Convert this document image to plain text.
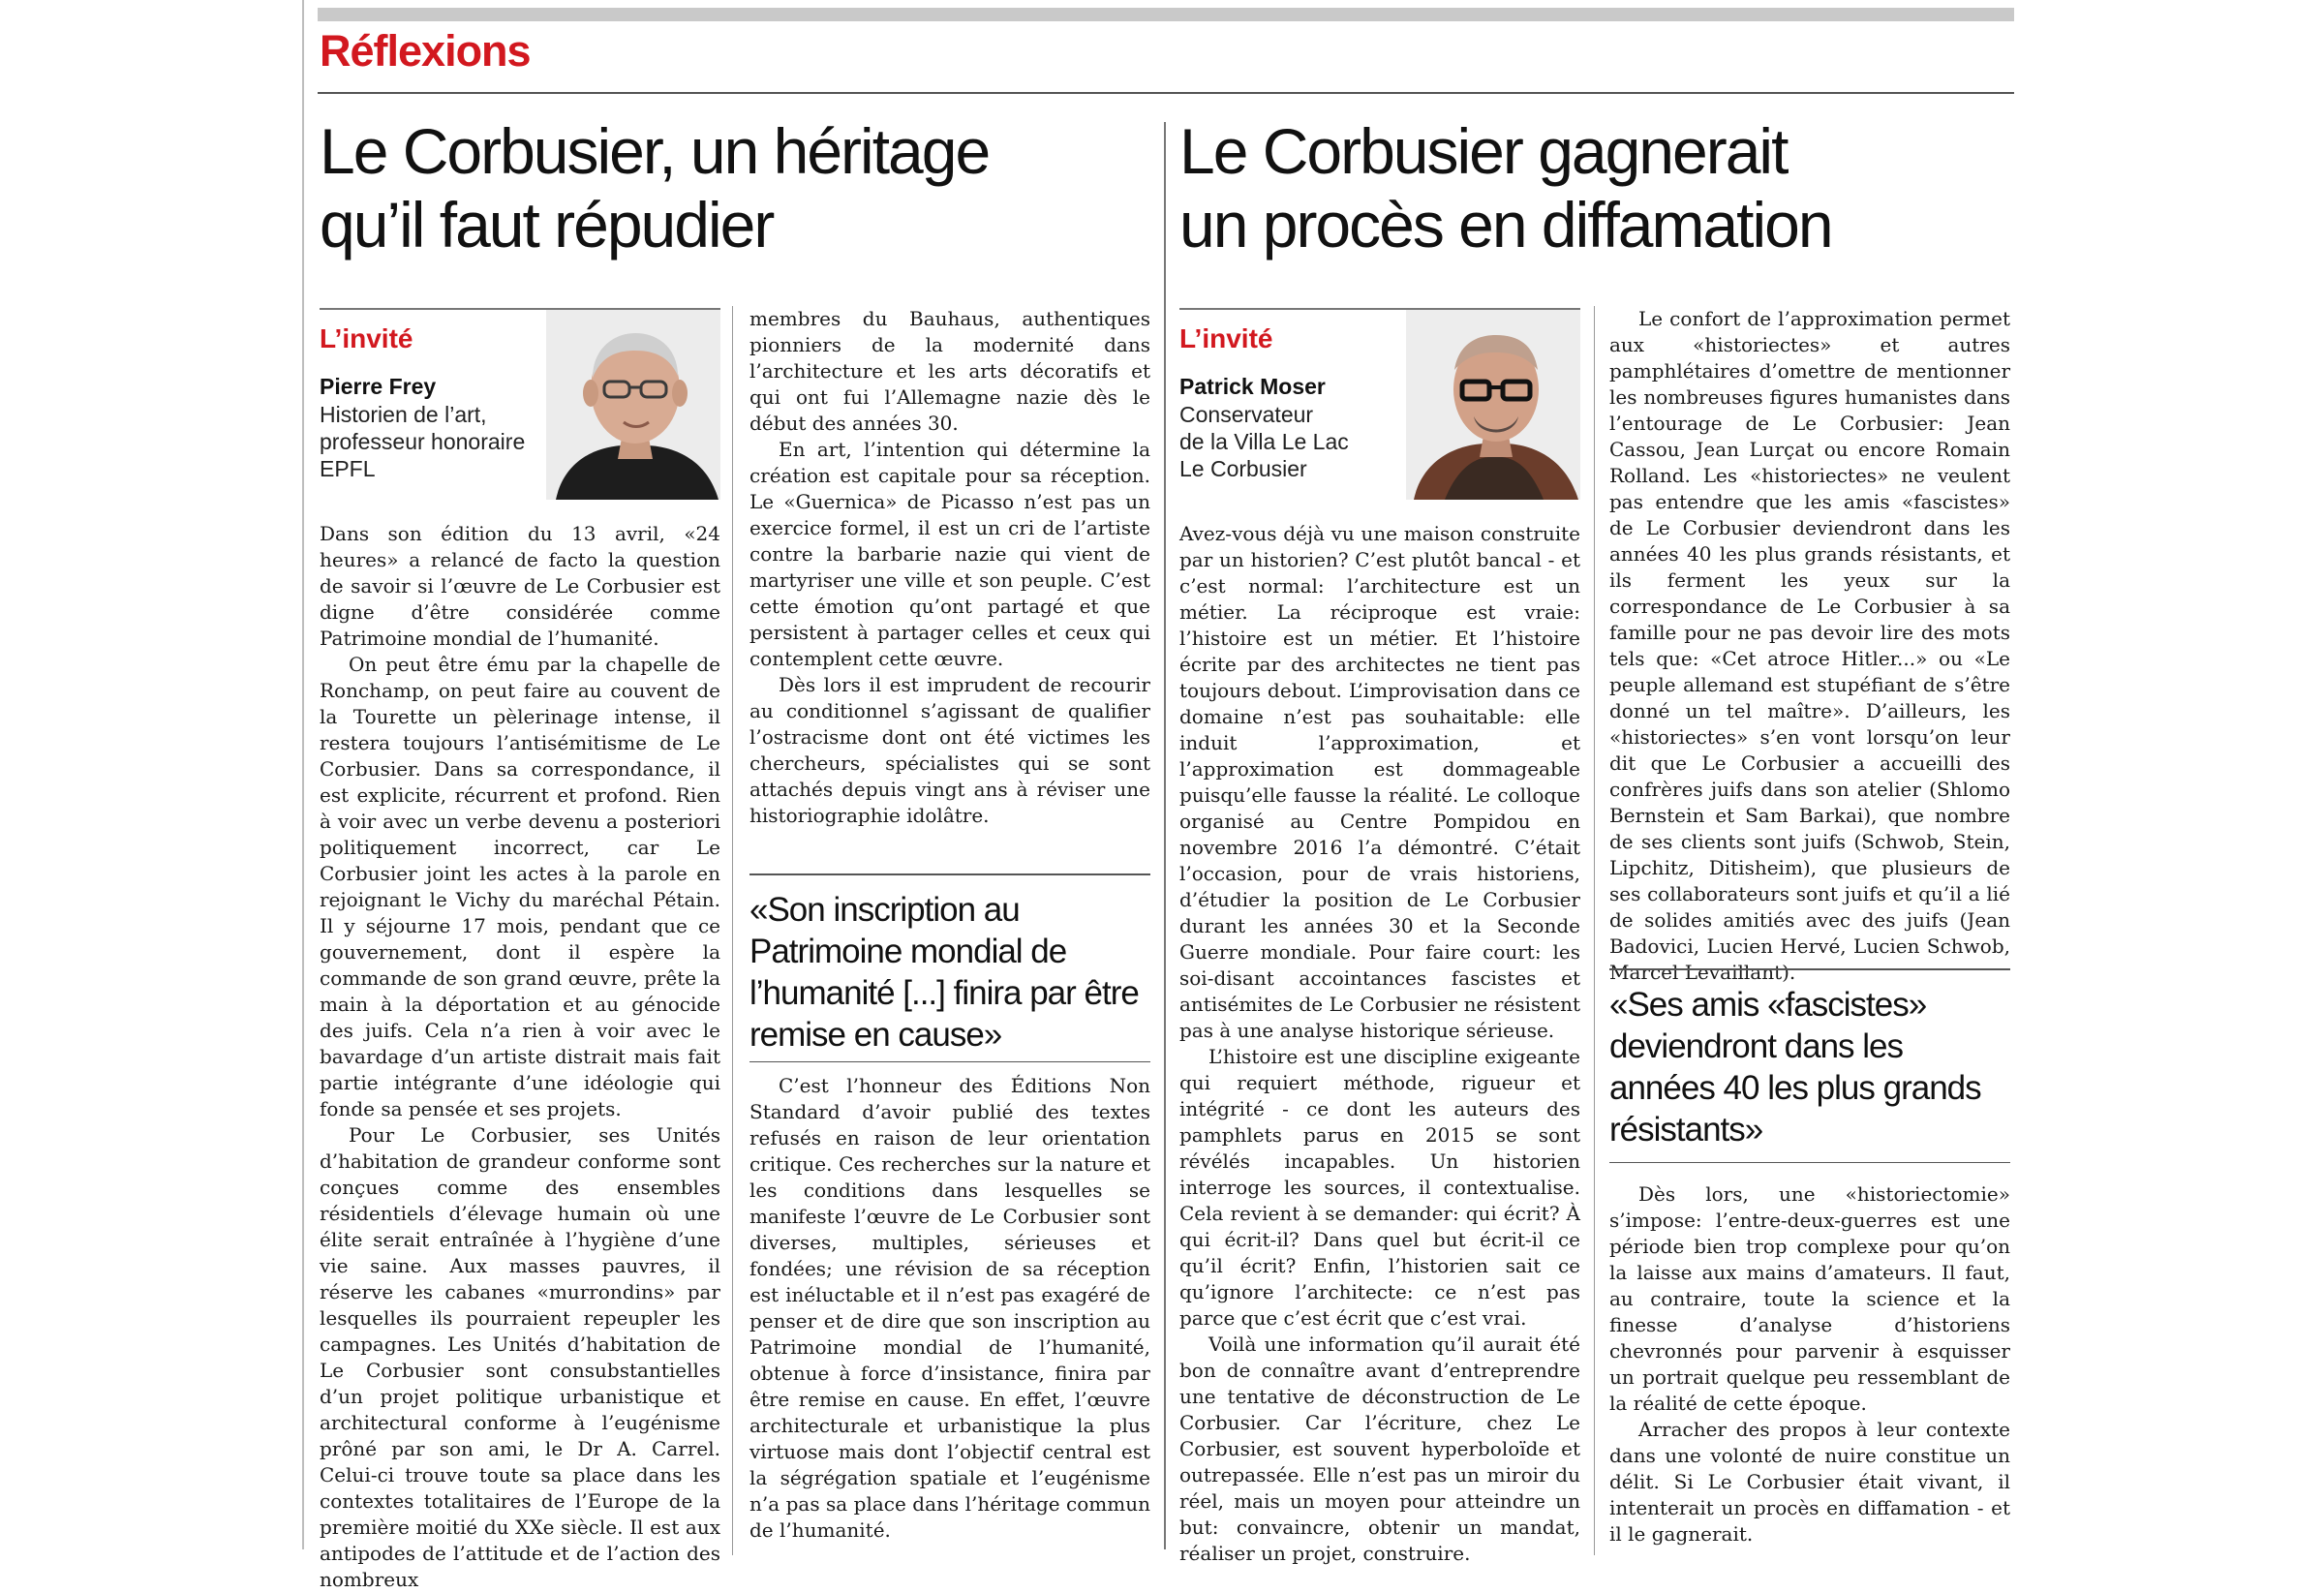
Réflexions
Le Corbusier, un héritage
qu’il faut répudier
L’invité
Pierre Frey
Historien de l’art,
professeur honoraire
EPFL

Dans son édition du 13 avril, «24 heures» a relancé de facto la question de savoir si l’œuvre de Le Corbusier est digne d’être considérée comme Patrimoine mondial de l’humanité.

On peut être ému par la chapelle de Ronchamp, on peut faire au couvent de la Tourette un pèlerinage intense, il restera toujours l’antisémitisme de Le Corbusier. Dans sa correspondance, il est explicite, récurrent et profond. Rien à voir avec un verbe devenu a posteriori politiquement incorrect, car Le Corbusier joint les actes à la parole en rejoignant le Vichy du maréchal Pétain. Il y séjourne 17 mois, pendant que ce gouvernement, dont il espère la commande de son grand œuvre, prête la main à la déportation et au génocide des juifs. Cela n’a rien à voir avec le bavardage d’un artiste distrait mais fait partie intégrante d’une idéologie qui fonde sa pensée et ses projets.

Pour Le Corbusier, ses Unités d’habitation de grandeur conforme sont conçues comme des ensembles résidentiels d’élevage humain où une élite serait entraînée à l’hygiène d’une vie saine. Aux masses pauvres, il réserve les cabanes «murrondins» par lesquelles ils pourraient repeupler les campagnes. Les Unités d’habitation de Le Corbusier sont consubstantielles d’un projet politique urbanistique et architectural conforme à l’eugénisme prôné par son ami, le Dr A. Carrel. Celui-ci trouve toute sa place dans les contextes totalitaires de l’Europe de la première moitié du XXe siècle. Il est aux antipodes de l’attitude et de l’action des nombreux

membres du Bauhaus, authentiques pionniers de la modernité dans l’architecture et les arts décoratifs et qui ont fui l’Allemagne nazie dès le début des années 30.

En art, l’intention qui détermine la création est capitale pour sa réception. Le «Guernica» de Picasso n’est pas un exercice formel, il est un cri de l’artiste contre la barbarie nazie qui vient de martyriser une ville et son peuple. C’est cette émotion qu’ont partagé et que persistent à partager celles et ceux qui contemplent cette œuvre.

Dès lors il est imprudent de recourir au conditionnel s’agissant de qualifier l’ostracisme dont ont été victimes les chercheurs, spécialistes qui se sont attachés depuis vingt ans à réviser une historiographie idolâtre.

«Son inscription au Patrimoine mondial de l’humanité [...] finira par être remise en cause»

C’est l’honneur des Éditions Non Standard d’avoir publié des textes refusés en raison de leur orientation critique. Ces recherches sur la nature et les conditions dans lesquelles se manifeste l’œuvre de Le Corbusier sont diverses, multiples, sérieuses et fondées; une révision de sa réception est inéluctable et il n’est pas exagéré de penser et de dire que son inscription au Patrimoine mondial de l’humanité, obtenue à force d’insistance, finira par être remise en cause. En effet, l’œuvre architecturale et urbanistique la plus virtuose mais dont l’objectif central est la ségrégation spatiale et l’eugénisme n’a pas sa place dans l’héritage commun de l’humanité.

Le Corbusier gagnerait
un procès en diffamation
L’invité
Patrick Moser
Conservateur
de la Villa Le Lac
Le Corbusier

Avez-vous déjà vu une maison construite par un historien? C’est plutôt bancal - et c’est normal: l’architecture est un métier. La réciproque est vraie: l’histoire est un métier. Et l’histoire écrite par des architectes ne tient pas toujours debout. L’improvisation dans ce domaine n’est pas souhaitable: elle induit l’approximation, et l’approximation est dommageable puisqu’elle fausse la réalité. Le colloque organisé au Centre Pompidou en novembre 2016 l’a démontré. C’était l’occasion, pour de vrais historiens, d’étudier la position de Le Corbusier durant les années 30 et la Seconde Guerre mondiale. Pour faire court: les soi-disant accointances fascistes et antisémites de Le Corbusier ne résistent pas à une analyse historique sérieuse.

L’histoire est une discipline exigeante qui requiert méthode, rigueur et intégrité - ce dont les auteurs des pamphlets parus en 2015 se sont révélés incapables. Un historien interroge les sources, il contextualise. Cela revient à se demander: qui écrit? À qui écrit-il? Dans quel but écrit-il ce qu’il écrit? Enfin, l’historien sait ce qu’ignore l’architecte: ce n’est pas parce que c’est écrit que c’est vrai.

Voilà une information qu’il aurait été bon de connaître avant d’entreprendre une tentative de déconstruction de Le Corbusier. Car l’écriture, chez Le Corbusier, est souvent hyperboloïde et outrepassée. Elle n’est pas un miroir du réel, mais un moyen pour atteindre un but: convaincre, obtenir un mandat, réaliser un projet, construire.

Le confort de l’approximation permet aux «historiectes» et autres pamphlétaires d’omettre de mentionner les nombreuses figures humanistes dans l’entourage de Le Corbusier: Jean Cassou, Jean Lurçat ou encore Romain Rolland. Les «historiectes» ne veulent pas entendre que les amis «fascistes» de Le Corbusier deviendront dans les années 40 les plus grands résistants, et ils ferment les yeux sur la correspondance de Le Corbusier à sa famille pour ne pas devoir lire des mots tels que: «Cet atroce Hitler...» ou «Le peuple allemand est stupéfiant de s’être donné un tel maître». D’ailleurs, les «historiectes» s’en vont lorsqu’on leur dit que Le Corbusier a accueilli des confrères juifs dans son atelier (Shlomo Bernstein et Sam Barkai), que nombre de ses clients sont juifs (Schwob, Stein, Lipchitz, Ditisheim), que plusieurs de ses collaborateurs sont juifs et qu’il a lié de solides amitiés avec des juifs (Jean Badovici, Lucien Hervé, Lucien Schwob, Marcel Levaillant).

«Ses amis «fascistes» deviendront dans les années 40 les plus grands résistants»

Dès lors, une «historiectomie» s’impose: l’entre-deux-guerres est une période bien trop complexe pour qu’on la laisse aux mains d’amateurs. Il faut, au contraire, toute la science et la finesse d’analyse d’historiens chevronnés pour parvenir à esquisser un portrait quelque peu ressemblant de la réalité de cette époque.

Arracher des propos à leur contexte dans une volonté de nuire constitue un délit. Si Le Corbusier était vivant, il intenterait un procès en diffamation - et il le gagnerait.
